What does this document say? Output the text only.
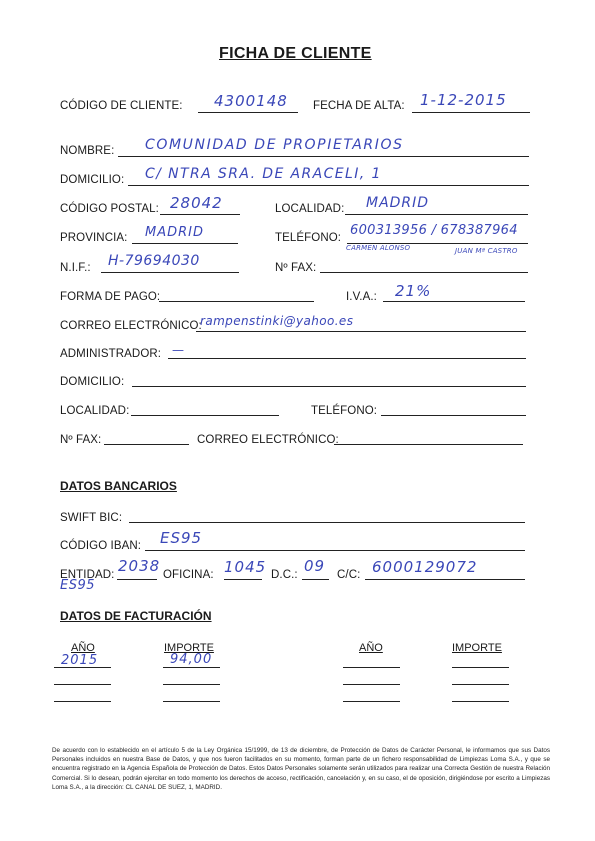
FICHA DE CLIENTE
CÓDIGO DE CLIENTE: 4300148 FECHA DE ALTA: 1-12-2015
NOMBRE: COMUNIDAD DE PROPIETARIOS
DOMICILIO: C/ NTRA SRA. DE ARACELI, 1
CÓDIGO POSTAL: 28042	LOCALIDAD: MADRID
PROVINCIA: MADRID	TELÉFONO: 600313956 / 678387964
CARMEN ALONSO	JUAN Mª CASTRO
N.I.F.: H-79694030	Nº FAX:
FORMA DE PAGO:	I.V.A.: 21%
CORREO ELECTRÓNICO:
rampenstinki@yahoo.es
ADMINISTRADOR: —
DOMICILIO:
LOCALIDAD:	TELÉFONO:
Nº FAX:	CORREO ELECTRÓNICO:
DATOS BANCARIOS
SWIFT BIC:
CÓDIGO IBAN: ES95
ENTIDAD: 2038 OFICINA: 1045 D.C.: 09 C/C: 6000129072
ES95
DATOS DE FACTURACIÓN
AÑO	IMPORTE	AÑO	IMPORTE
2015	94,00
De acuerdo con lo establecido en el artículo 5 de la Ley Orgánica 15/1999, de 13 de diciembre, de Protección de Datos de Carácter Personal, le informamos que sus Datos Personales incluidos en nuestra Base de Datos, y que nos fueron facilitados en su momento, forman parte de un fichero responsabilidad de Limpiezas Loma S.A., y que se encuentra registrado en la Agencia Española de Protección de Datos. Estos Datos Personales solamente serán utilizados para realizar una Correcta Gestión de nuestra Relación Comercial. Si lo desean, podrán ejercitar en todo momento los derechos de acceso, rectificación, cancelación y, en su caso, el de oposición, dirigiéndose por escrito a Limpiezas Loma S.A., a la dirección: CL CANAL DE SUEZ, 1, MADRID.
